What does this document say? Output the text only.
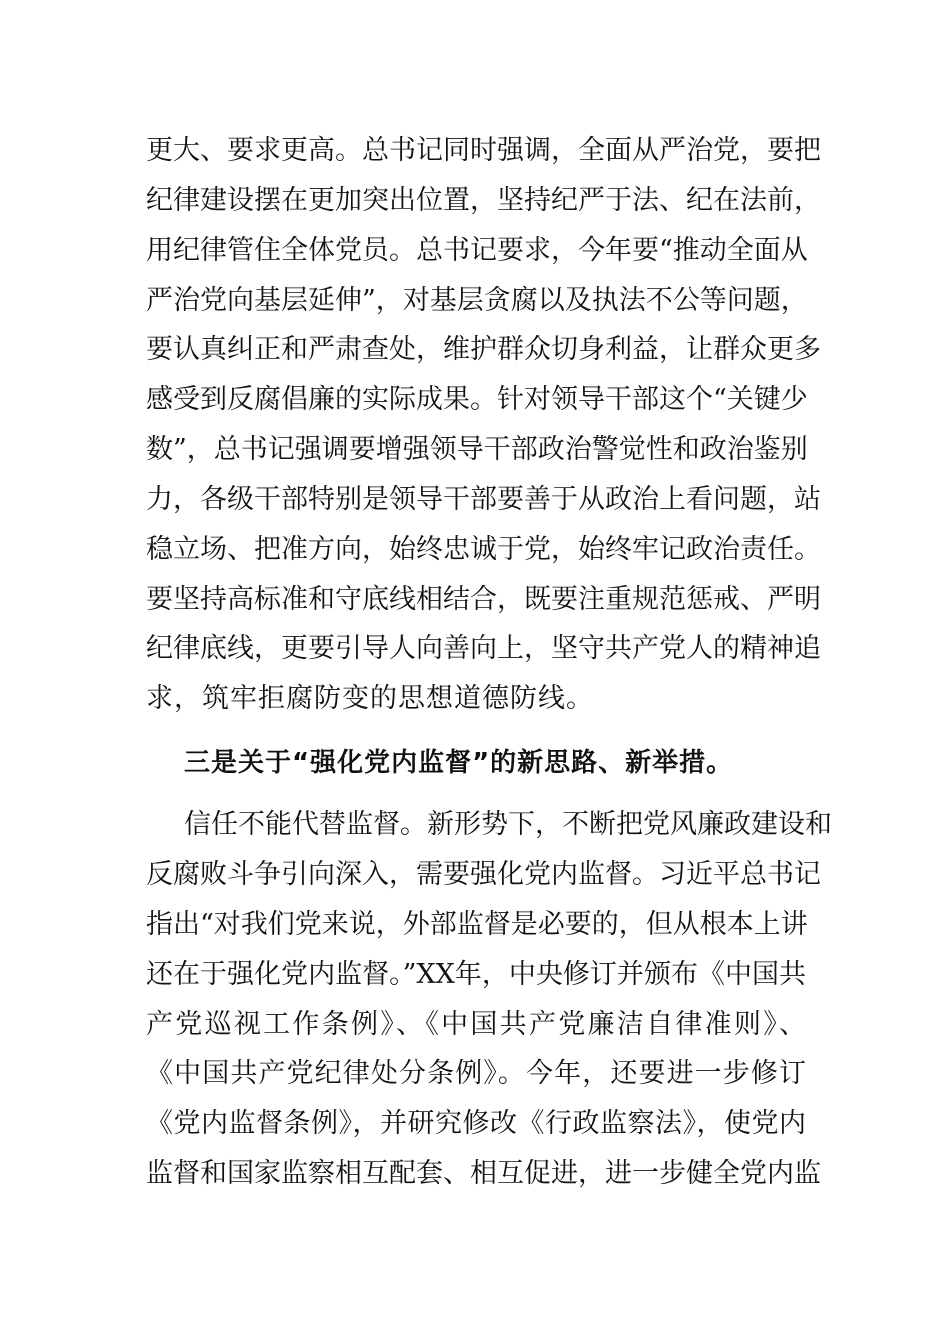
更大、要求更高。总书记同时强调，全面从严治党，要把
纪律建设摆在更加突出位置，坚持纪严于法、纪在法前，
用纪律管住全体党员。总书记要求，今年要“推动全面从
严治党向基层延伸”，对基层贪腐以及执法不公等问题，
要认真纠正和严肃查处，维护群众切身利益，让群众更多
感受到反腐倡廉的实际成果。针对领导干部这个“关键少
数”，总书记强调要增强领导干部政治警觉性和政治鉴别
力，各级干部特别是领导干部要善于从政治上看问题，站
稳立场、把准方向，始终忠诚于党，始终牢记政治责任。
要坚持高标准和守底线相结合，既要注重规范惩戒、严明
纪律底线，更要引导人向善向上，坚守共产党人的精神追
求，筑牢拒腐防变的思想道德防线。
三是关于“强化党内监督”的新思路、新举措。
信任不能代替监督。新形势下，不断把党风廉政建设和
反腐败斗争引向深入，需要强化党内监督。习近平总书记
指出“对我们党来说，外部监督是必要的，但从根本上讲
还在于强化党内监督。”XX年，中央修订并颁布《中国共
产党巡视工作条例》、《中国共产党廉洁自律准则》、
《中国共产党纪律处分条例》。今年，还要进一步修订
《党内监督条例》，并研究修改《行政监察法》，使党内
监督和国家监察相互配套、相互促进，进一步健全党内监
